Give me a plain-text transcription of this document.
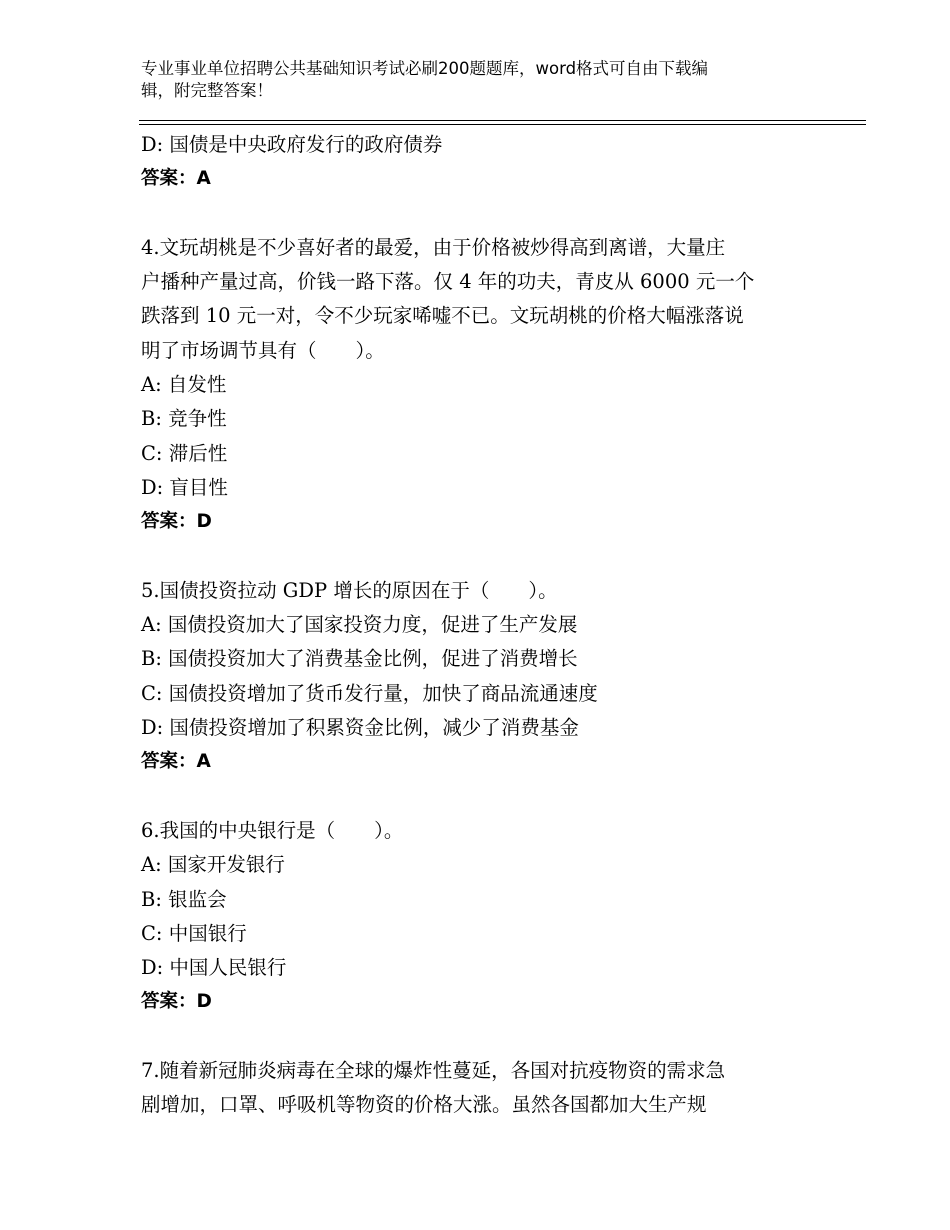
专业事业单位招聘公共基础知识考试必刷200题题库，word格式可自由下载编
辑，附完整答案！
D: 国债是中央政府发行的政府债券
答案：A
4.文玩胡桃是不少喜好者的最爱，由于价格被炒得高到离谱，大量庄
户播种产量过高，价钱一路下落。仅 4 年的功夫，青皮从 6000 元一个
跌落到 10 元一对，令不少玩家唏嘘不已。文玩胡桃的价格大幅涨落说
明了市场调节具有（　　）。
A: 自发性
B: 竞争性
C: 滞后性
D: 盲目性
答案：D
5.国债投资拉动 GDP 增长的原因在于（　　）。
A: 国债投资加大了国家投资力度，促进了生产发展
B: 国债投资加大了消费基金比例，促进了消费增长
C: 国债投资增加了货币发行量，加快了商品流通速度
D: 国债投资增加了积累资金比例，减少了消费基金
答案：A
6.我国的中央银行是（　　）。
A: 国家开发银行
B: 银监会
C: 中国银行
D: 中国人民银行
答案：D
7.随着新冠肺炎病毒在全球的爆炸性蔓延，各国对抗疫物资的需求急
剧增加，口罩、呼吸机等物资的价格大涨。虽然各国都加大生产规
